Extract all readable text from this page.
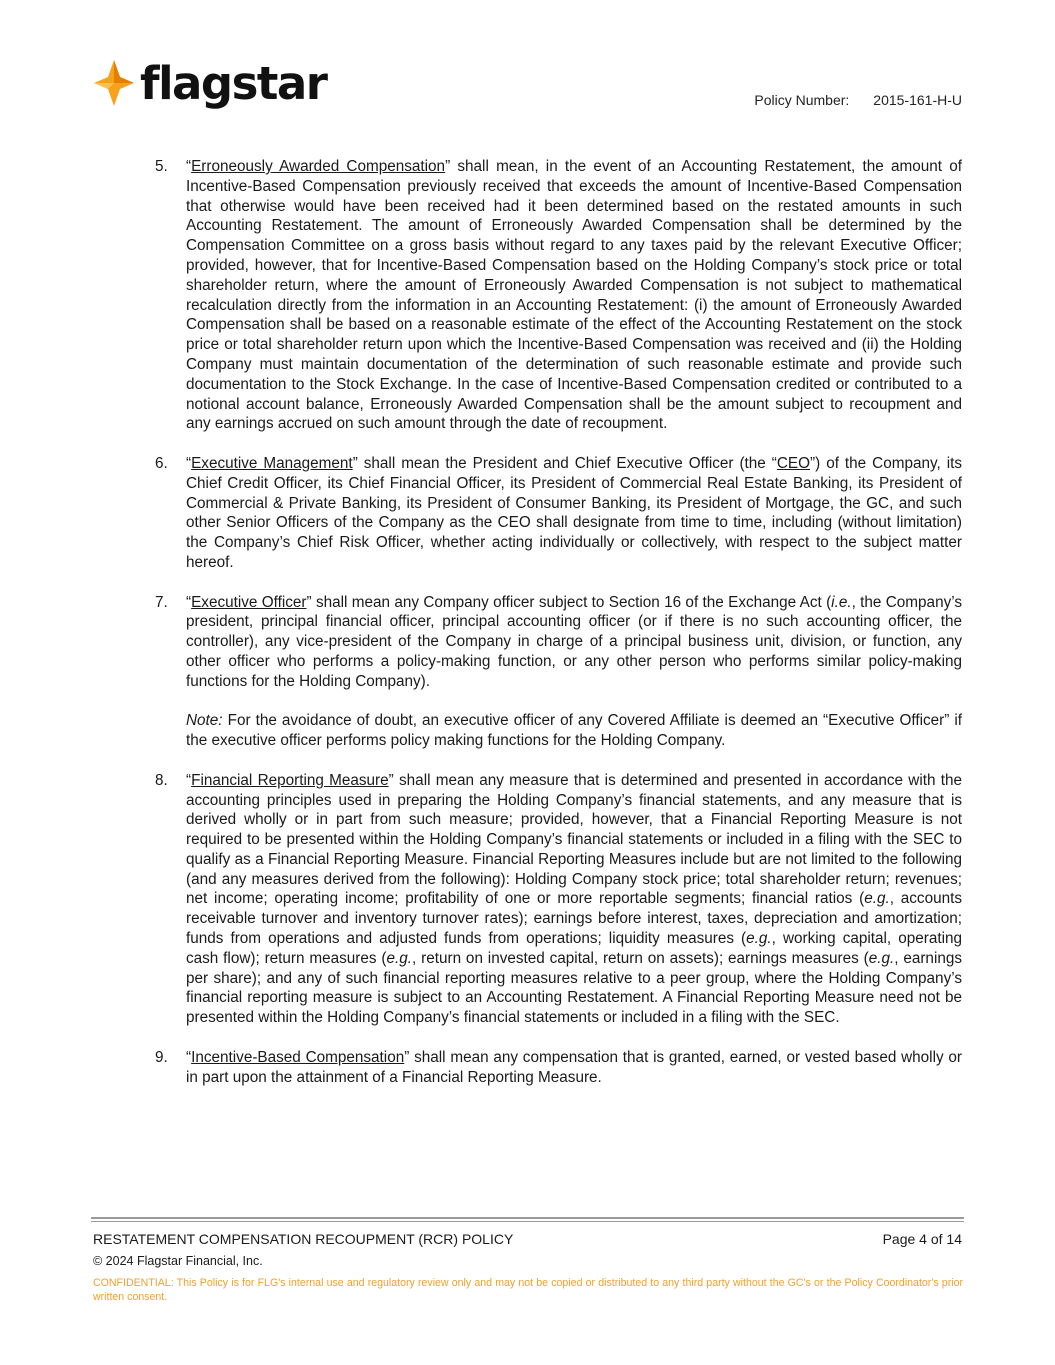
flagstar	Policy Number: 2015-161-H-U
5.	“Erroneously Awarded Compensation” shall mean, in the event of an Accounting Restatement, the amount of Incentive-Based Compensation previously received that exceeds the amount of Incentive-Based Compensation that otherwise would have been received had it been determined based on the restated amounts in such Accounting Restatement. The amount of Erroneously Awarded Compensation shall be determined by the Compensation Committee on a gross basis without regard to any taxes paid by the relevant Executive Officer; provided, however, that for Incentive-Based Compensation based on the Holding Company’s stock price or total shareholder return, where the amount of Erroneously Awarded Compensation is not subject to mathematical recalculation directly from the information in an Accounting Restatement: (i) the amount of Erroneously Awarded Compensation shall be based on a reasonable estimate of the effect of the Accounting Restatement on the stock price or total shareholder return upon which the Incentive-Based Compensation was received and (ii) the Holding Company must maintain documentation of the determination of such reasonable estimate and provide such documentation to the Stock Exchange. In the case of Incentive-Based Compensation credited or contributed to a notional account balance, Erroneously Awarded Compensation shall be the amount subject to recoupment and any earnings accrued on such amount through the date of recoupment.

6.	“Executive Management” shall mean the President and Chief Executive Officer (the “CEO”) of the Company, its Chief Credit Officer, its Chief Financial Officer, its President of Commercial Real Estate Banking, its President of Commercial & Private Banking, its President of Consumer Banking, its President of Mortgage, the GC, and such other Senior Officers of the Company as the CEO shall designate from time to time, including (without limitation) the Company’s Chief Risk Officer, whether acting individually or collectively, with respect to the subject matter hereof.

7.	“Executive Officer” shall mean any Company officer subject to Section 16 of the Exchange Act (i.e., the Company’s president, principal financial officer, principal accounting officer (or if there is no such accounting officer, the controller), any vice-president of the Company in charge of a principal business unit, division, or function, any other officer who performs a policy-making function, or any other person who performs similar policy-making functions for the Holding Company).

Note: For the avoidance of doubt, an executive officer of any Covered Affiliate is deemed an “Executive Officer” if the executive officer performs policy making functions for the Holding Company.

8.	“Financial Reporting Measure” shall mean any measure that is determined and presented in accordance with the accounting principles used in preparing the Holding Company’s financial statements, and any measure that is derived wholly or in part from such measure; provided, however, that a Financial Reporting Measure is not required to be presented within the Holding Company’s financial statements or included in a filing with the SEC to qualify as a Financial Reporting Measure. Financial Reporting Measures include but are not limited to the following (and any measures derived from the following): Holding Company stock price; total shareholder return; revenues; net income; operating income; profitability of one or more reportable segments; financial ratios (e.g., accounts receivable turnover and inventory turnover rates); earnings before interest, taxes, depreciation and amortization; funds from operations and adjusted funds from operations; liquidity measures (e.g., working capital, operating cash flow); return measures (e.g., return on invested capital, return on assets); earnings measures (e.g., earnings per share); and any of such financial reporting measures relative to a peer group, where the Holding Company’s financial reporting measure is subject to an Accounting Restatement. A Financial Reporting Measure need not be presented within the Holding Company’s financial statements or included in a filing with the SEC.

9.	“Incentive-Based Compensation” shall mean any compensation that is granted, earned, or vested based wholly or in part upon the attainment of a Financial Reporting Measure.

RESTATEMENT COMPENSATION RECOUPMENT (RCR) POLICY	Page 4 of 14
© 2024 Flagstar Financial, Inc.
CONFIDENTIAL: This Policy is for FLG's internal use and regulatory review only and may not be copied or distributed to any third party without the GC's or the Policy Coordinator's prior written consent.
